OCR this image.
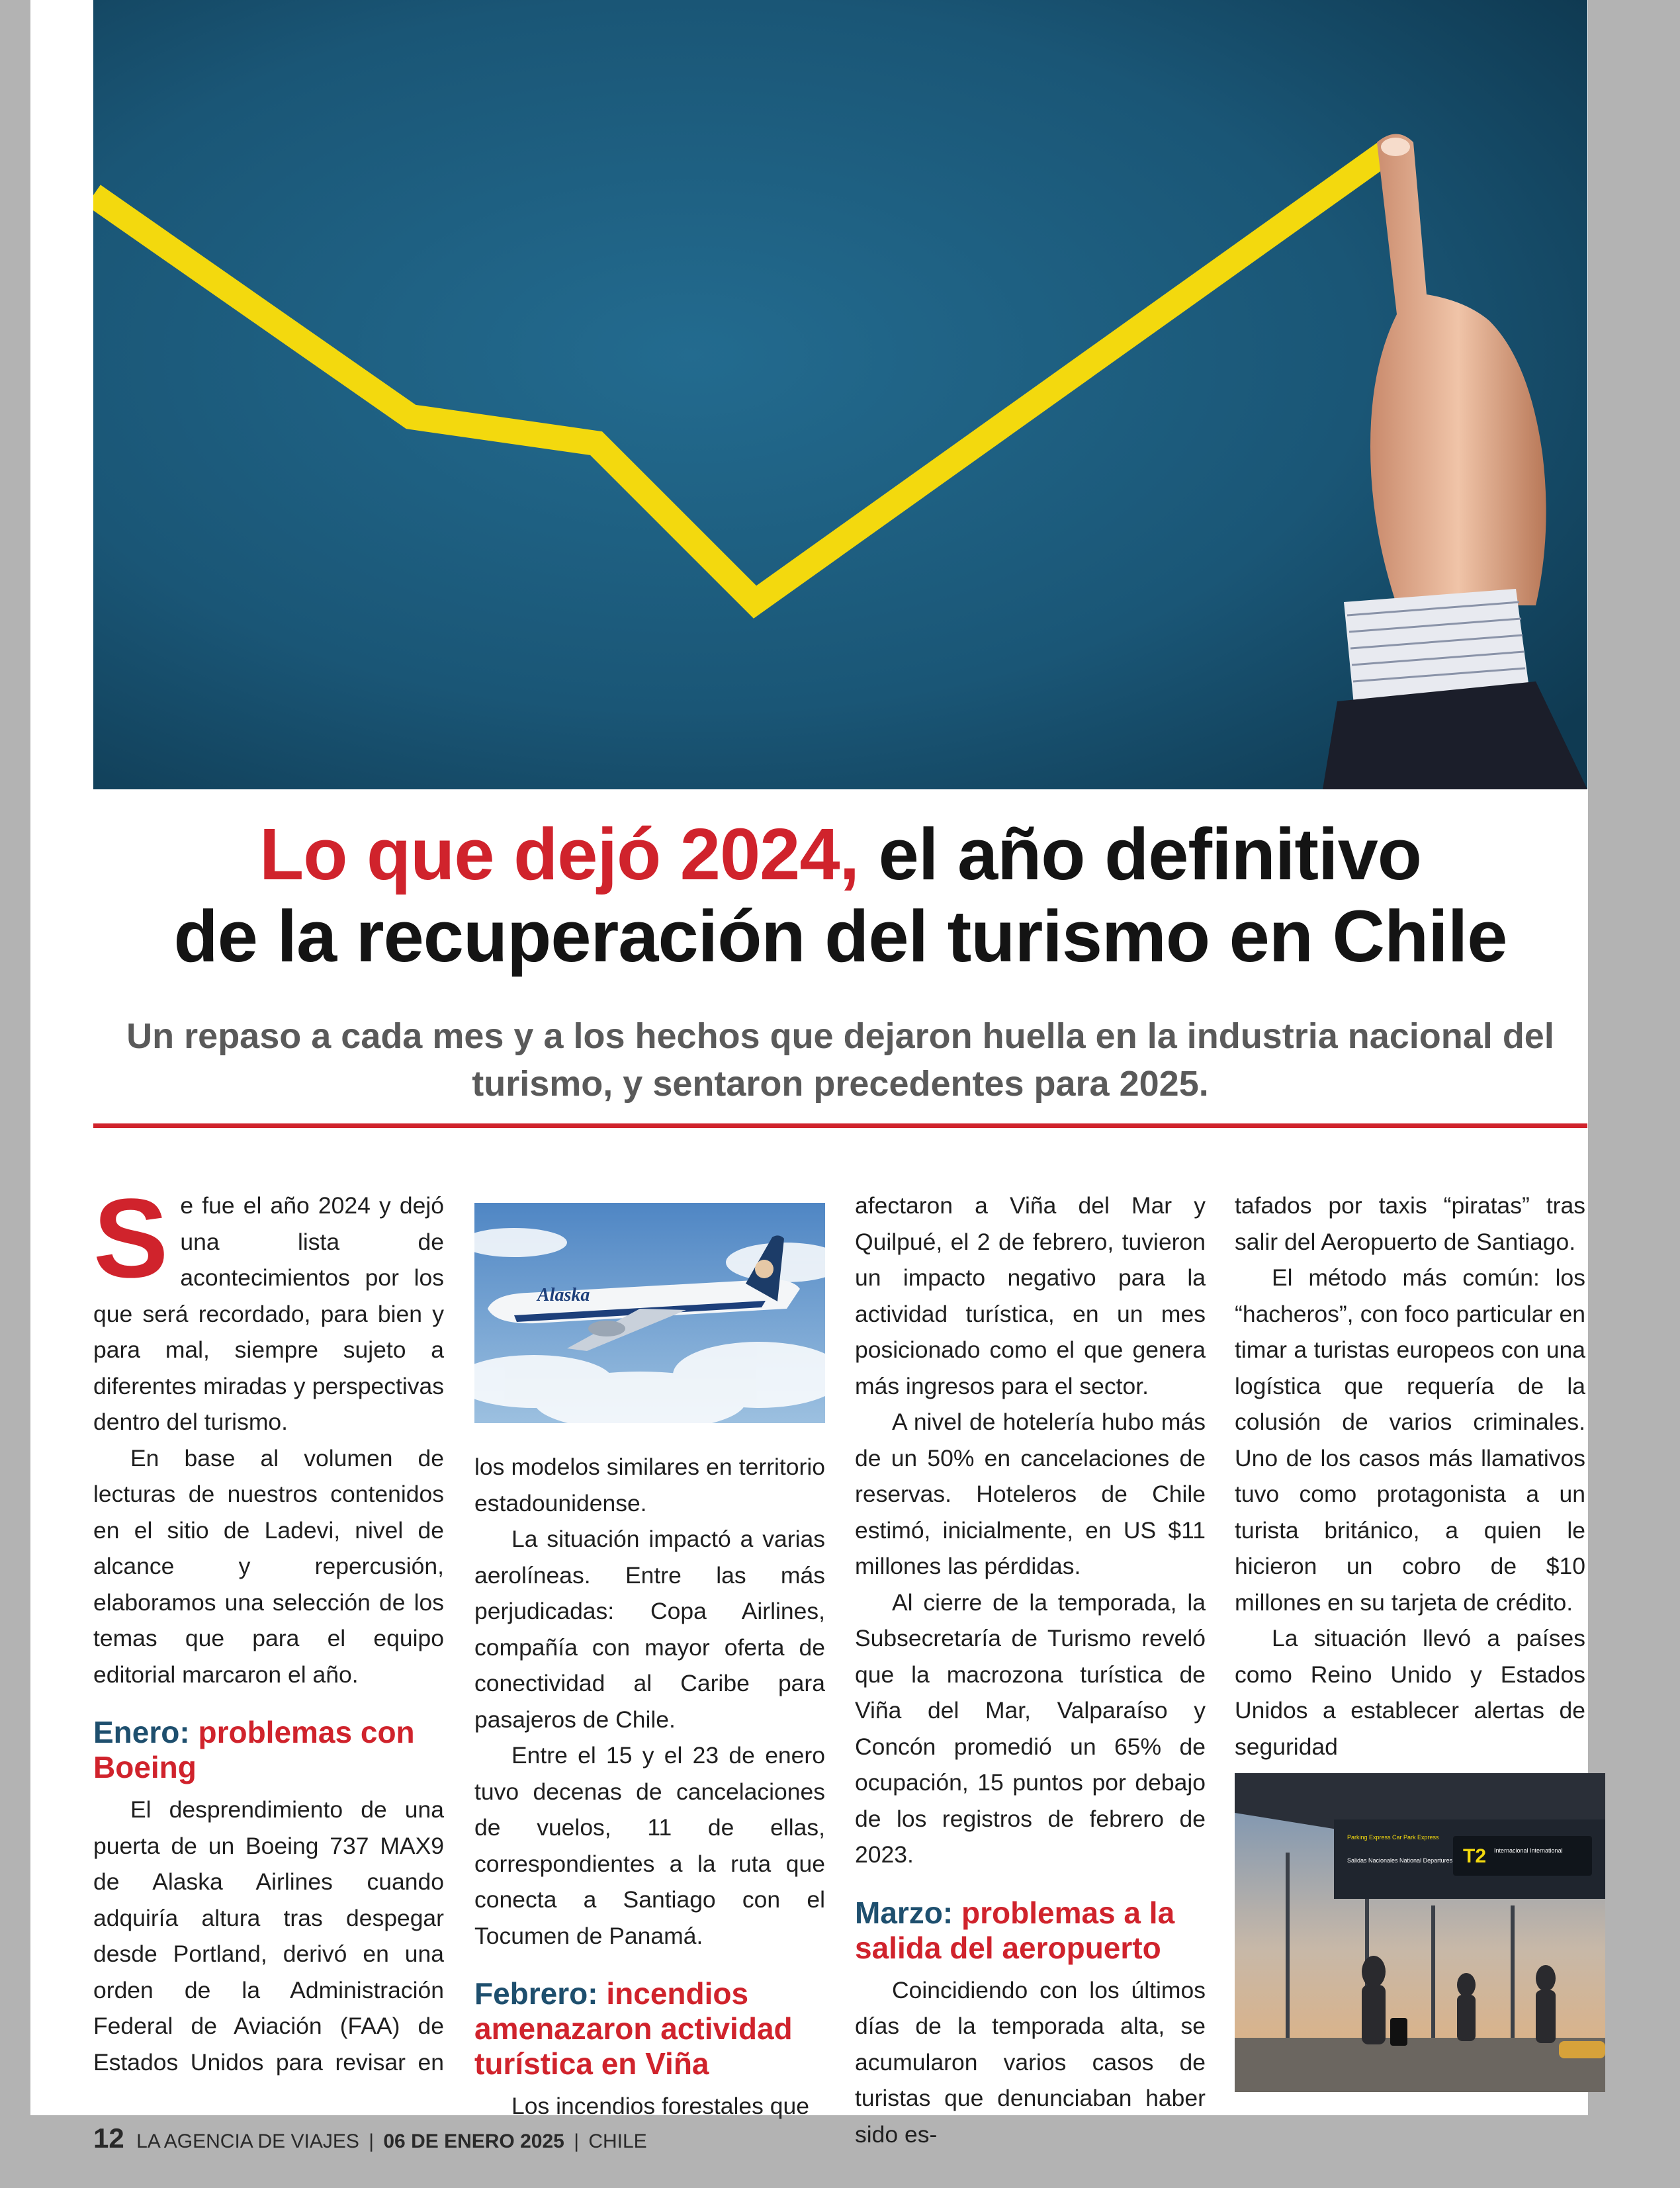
Lo que dejó 2024, el año definitivo
de la recuperación del turismo en Chile
Un repaso a cada mes y a los hechos que dejaron huella en la industria nacional del turismo, y sentaron precedentes para 2025.

Se fue el año 2024 y dejó una lista de acontecimientos por los que será recordado, para bien y para mal, siempre sujeto a diferentes miradas y perspectivas dentro del turismo.

En base al volumen de lecturas de nuestros contenidos en el sitio de Ladevi, nivel de alcance y repercusión, elaboramos una selección de los temas que para el equipo editorial marcaron el año.

Enero: problemas con Boeing

El desprendimiento de una puerta de un Boeing 737 MAX9 de Alaska Airlines cuando adquiría altura tras despegar desde Portland, derivó en una orden de la Administración Federal de Aviación (FAA) de Estados Unidos para revisar en

Alaska

los modelos similares en territorio estadounidense.

La situación impactó a varias aerolíneas. Entre las más perjudicadas: Copa Airlines, compañía con mayor oferta de conectividad al Caribe para pasajeros de Chile.

Entre el 15 y el 23 de enero tuvo decenas de cancelaciones de vuelos, 11 de ellas, correspondientes a la ruta que conecta a Santiago con el Tocumen de Panamá.

Febrero: incendios amenazaron actividad turística en Viña

Los incendios forestales que

afectaron a Viña del Mar y Quilpué, el 2 de febrero, tuvieron un impacto negativo para la actividad turística, en un mes posicionado como el que genera más ingresos para el sector.

A nivel de hotelería hubo más de un 50% en cancelaciones de reservas. Hoteleros de Chile estimó, inicialmente, en US $11 millones las pérdidas.

Al cierre de la temporada, la Subsecretaría de Turismo reveló que la macrozona turística de Viña del Mar, Valparaíso y Concón promedió un 65% de ocupación, 15 puntos por debajo de los registros de febrero de 2023.

Marzo: problemas a la salida del aeropuerto

Coincidiendo con los últimos días de la temporada alta, se acumularon varios casos de turistas que denunciaban haber sido es-

tafados por taxis “piratas” tras salir del Aeropuerto de Santiago.

El método más común: los “hacheros”, con foco particular en timar a turistas europeos con una logística que requería de la colusión de varios criminales. Uno de los casos más llamativos tuvo como protagonista a un turista británico, a quien le hicieron un cobro de $10 millones en su tarjeta de crédito.

La situación llevó a países como Reino Unido y Estados Unidos a establecer alertas de seguridad

T2 Internacional International
Parking Express Car Park Express
Salidas Nacionales National Departures
12 LA AGENCIA DE VIAJES | 06 DE ENERO 2025 | CHILE
